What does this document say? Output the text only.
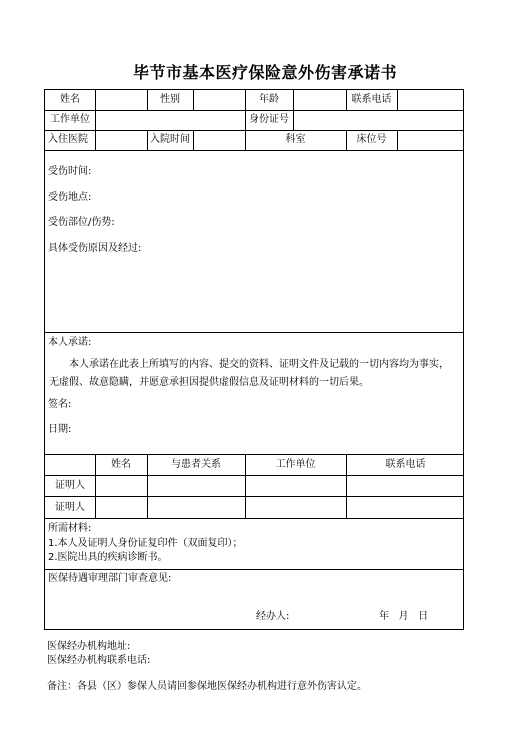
毕节市基本医疗保险意外伤害承诺书
姓名	性别	年龄	联系电话
工作单位	身份证号
入住医院	入院时间	科室	床位号
受伤时间:
受伤地点:
受伤部位/伤势:
具体受伤原因及经过:
本人承诺:
本人承诺在此表上所填写的内容、提交的资料、证明文件及记载的一切内容均为事实，无虚假、故意隐瞒，并愿意承担因提供虚假信息及证明材料的一切后果。
签名:
日期:
姓名	与患者关系	工作单位	联系电话
证明人
证明人
所需材料:
1.本人及证明人身份证复印件（双面复印）；
2.医院出具的疾病诊断书。
医保待遇审理部门审查意见:
经办人:	年   月   日
医保经办机构地址:
医保经办机构联系电话:
备注：各县（区）参保人员请回参保地医保经办机构进行意外伤害认定。
